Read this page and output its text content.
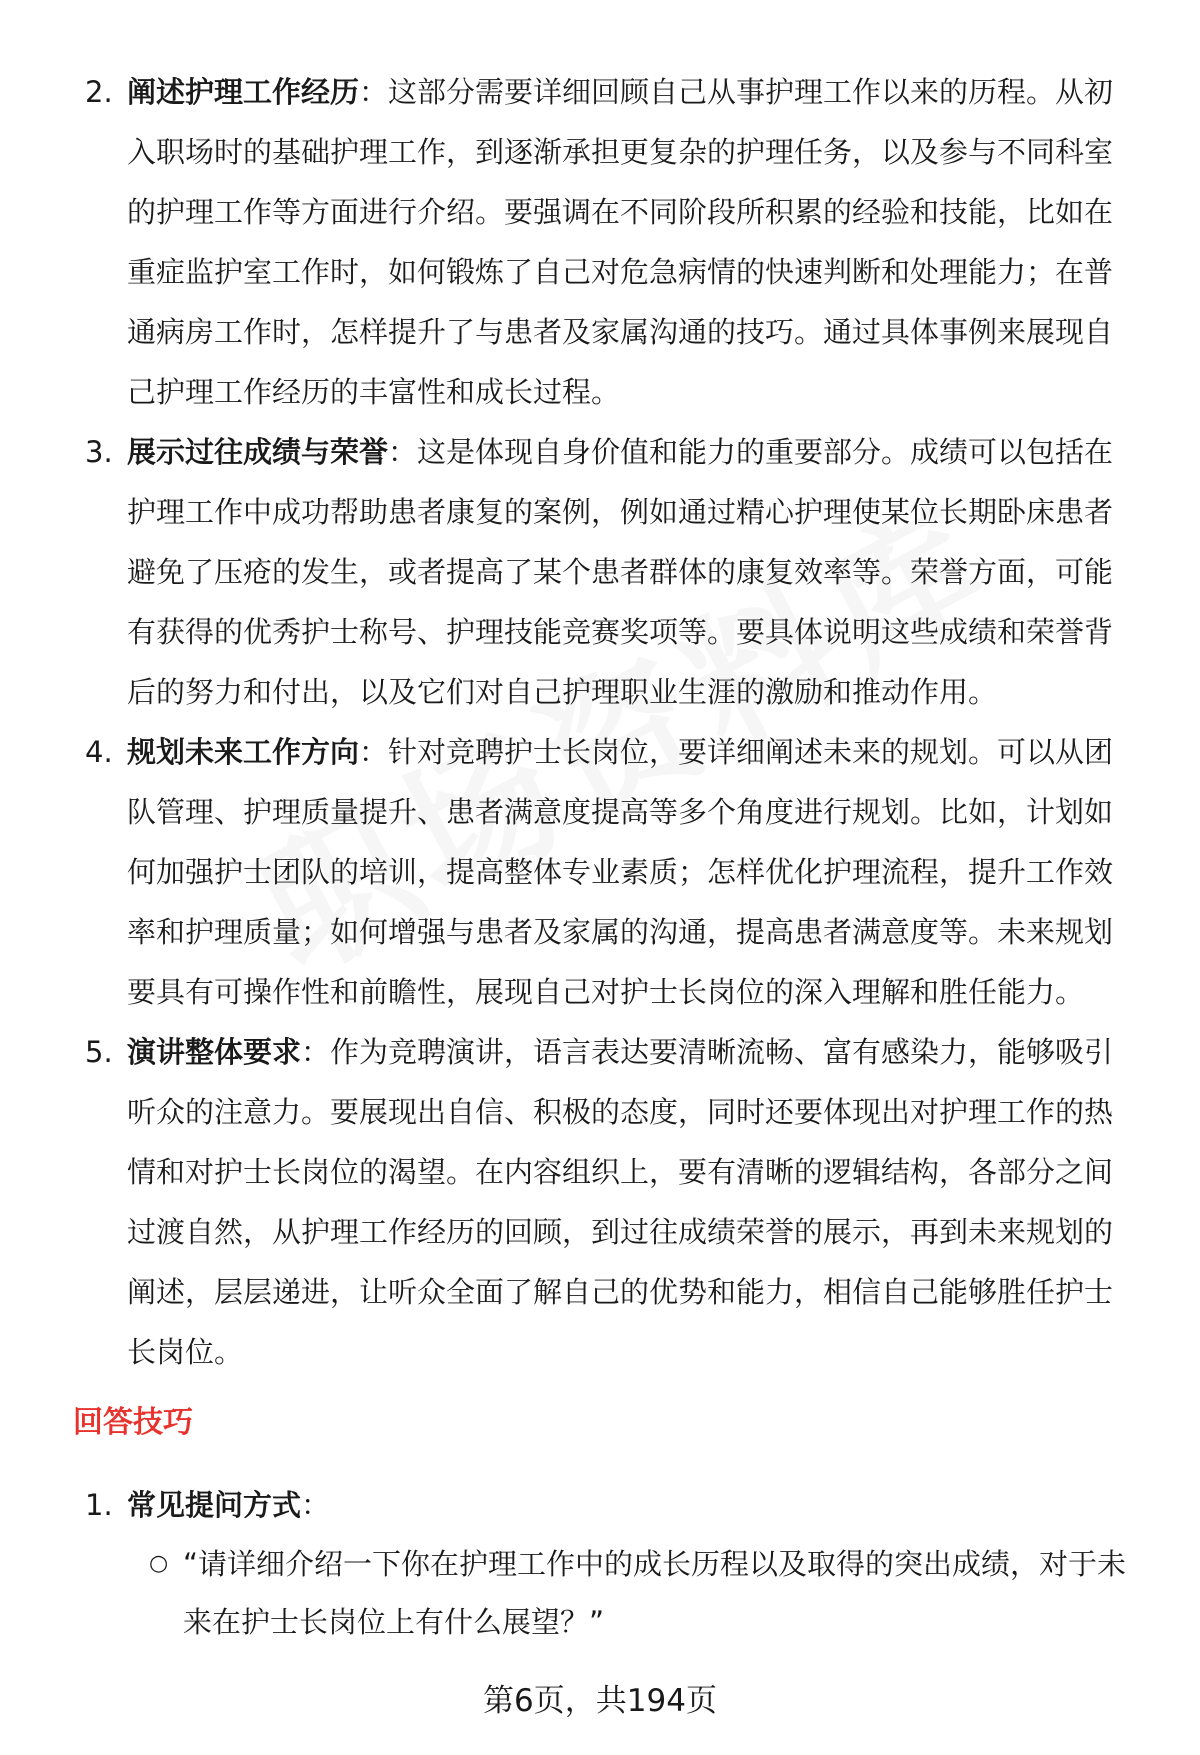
2. 阐述护理工作经历：这部分需要详细回顾自己从事护理工作以来的历程。从初入职场时的基础护理工作，到逐渐承担更复杂的护理任务，以及参与不同科室的护理工作等方面进行介绍。要强调在不同阶段所积累的经验和技能，比如在重症监护室工作时，如何锻炼了自己对危急病情的快速判断和处理能力；在普通病房工作时，怎样提升了与患者及家属沟通的技巧。通过具体事例来展现自己护理工作经历的丰富性和成长过程。
3. 展示过往成绩与荣誉：这是体现自身价值和能力的重要部分。成绩可以包括在护理工作中成功帮助患者康复的案例，例如通过精心护理使某位长期卧床患者避免了压疮的发生，或者提高了某个患者群体的康复效率等。荣誉方面，可能有获得的优秀护士称号、护理技能竞赛奖项等。要具体说明这些成绩和荣誉背后的努力和付出，以及它们对自己护理职业生涯的激励和推动作用。
4. 规划未来工作方向：针对竞聘护士长岗位，要详细阐述未来的规划。可以从团队管理、护理质量提升、患者满意度提高等多个角度进行规划。比如，计划如何加强护士团队的培训，提高整体专业素质；怎样优化护理流程，提升工作效率和护理质量；如何增强与患者及家属的沟通，提高患者满意度等。未来规划要具有可操作性和前瞻性，展现自己对护士长岗位的深入理解和胜任能力。
5. 演讲整体要求：作为竞聘演讲，语言表达要清晰流畅、富有感染力，能够吸引听众的注意力。要展现出自信、积极的态度，同时还要体现出对护理工作的热情和对护士长岗位的渴望。在内容组织上，要有清晰的逻辑结构，各部分之间过渡自然，从护理工作经历的回顾，到过往成绩荣誉的展示，再到未来规划的阐述，层层递进，让听众全面了解自己的优势和能力，相信自己能够胜任护士长岗位。
回答技巧
1. 常见提问方式：
○ “请详细介绍一下你在护理工作中的成长历程以及取得的突出成绩，对于未来在护士长岗位上有什么展望？”
第6页，共194页
